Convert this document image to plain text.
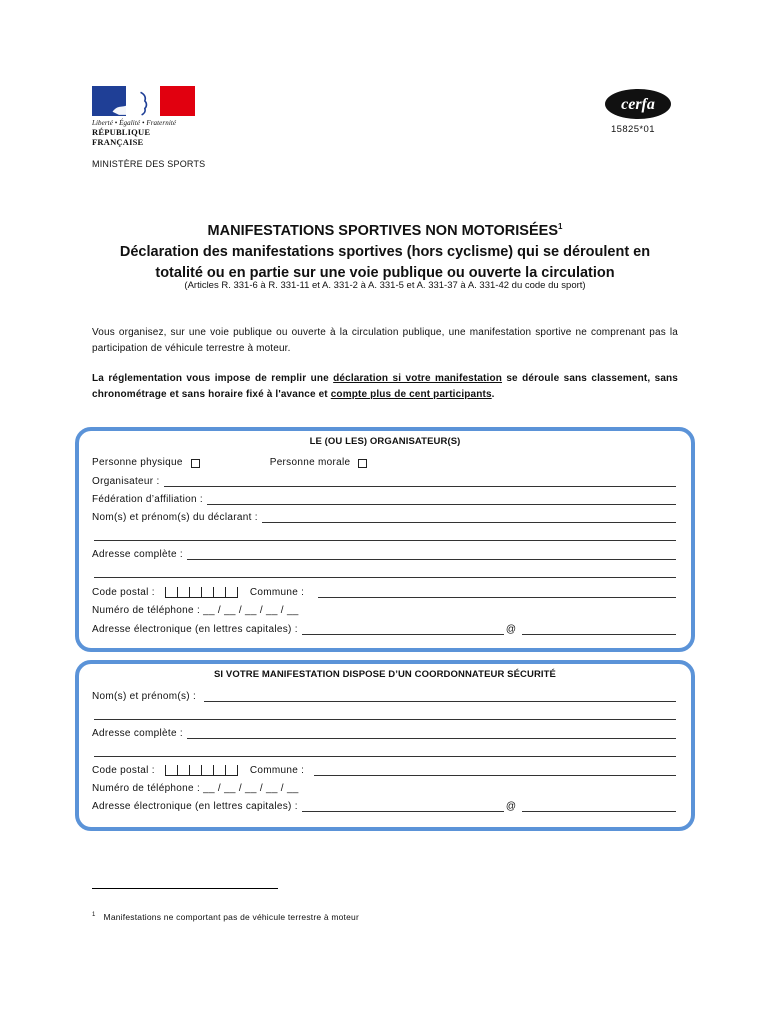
Liberté • Égalité • Fraternité
RÉPUBLIQUE FRANÇAISE
MINISTÈRE DES SPORTS
cerfa
15825*01
MANIFESTATIONS SPORTIVES NON MOTORISÉES$^1$
Déclaration des manifestations sportives (hors cyclisme) qui se déroulent en
totalité ou en partie sur une voie publique ou ouverte la circulation
(Articles R. 331-6 à R. 331-11 et A. 331-2 à A. 331-5 et A. 331-37 à A. 331-42 du code du sport)
Vous organisez, sur une voie publique ou ouverte à la circulation publique, une manifestation sportive ne comprenant pas la participation de véhicule terrestre à moteur.
La réglementation vous impose de remplir une déclaration si votre manifestation se déroule sans classement, sans chronométrage et sans horaire fixé à l'avance et compte plus de cent participants.
LE (OU LES) ORGANISATEUR(S)
Personne physique	Personne morale
Organisateur :
Fédération d’affiliation :
Nom(s) et prénom(s) du déclarant :
Adresse complète :
Code postal :	Commune :
Numéro de téléphone : __ / __ / __ / __ / __
Adresse électronique (en lettres capitales) :	@
SI VOTRE MANIFESTATION DISPOSE D’UN COORDONNATEUR SÉCURITÉ
Nom(s) et prénom(s) :
Adresse complète :
Code postal :	Commune :
Numéro de téléphone : __ / __ / __ / __ / __
Adresse électronique (en lettres capitales) :	@
$^1$ Manifestations ne comportant pas de véhicule terrestre à moteur
